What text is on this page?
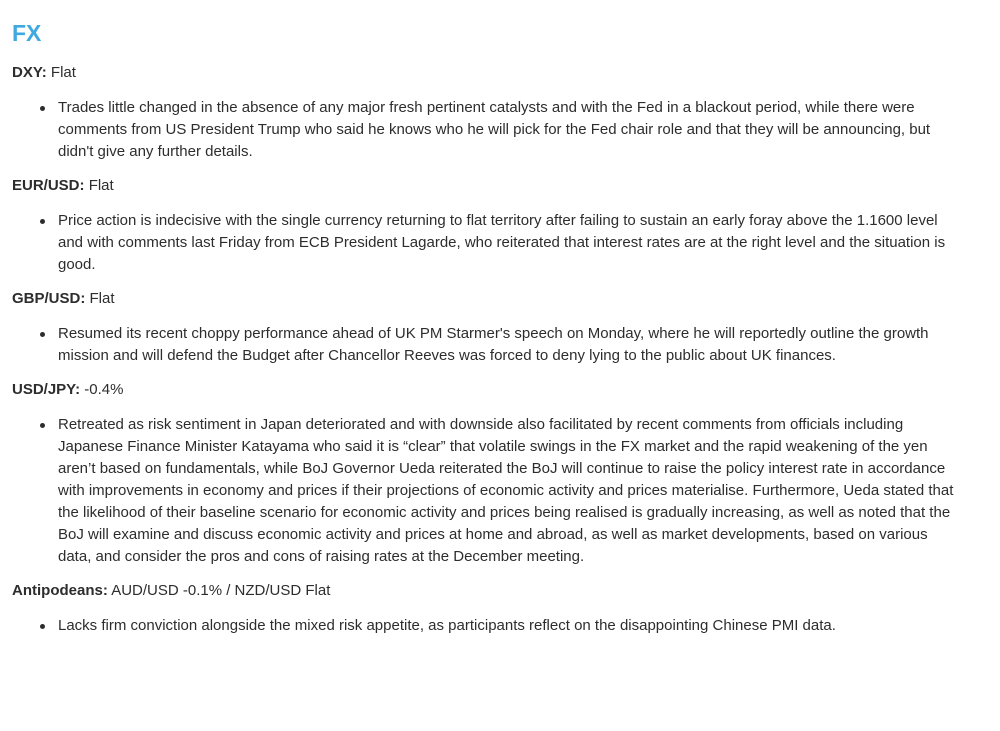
FX

DXY: Flat

Trades little changed in the absence of any major fresh pertinent catalysts and with the Fed in a blackout period, while there were comments from US President Trump who said he knows who he will pick for the Fed chair role and that they will be announcing, but didn't give any further details.

EUR/USD: Flat

Price action is indecisive with the single currency returning to flat territory after failing to sustain an early foray above the 1.1600 level and with comments last Friday from ECB President Lagarde, who reiterated that interest rates are at the right level and the situation is good.

GBP/USD: Flat

Resumed its recent choppy performance ahead of UK PM Starmer's speech on Monday, where he will reportedly outline the growth mission and will defend the Budget after Chancellor Reeves was forced to deny lying to the public about UK finances.

USD/JPY: -0.4%

Retreated as risk sentiment in Japan deteriorated and with downside also facilitated by recent comments from officials including Japanese Finance Minister Katayama who said it is “clear” that volatile swings in the FX market and the rapid weakening of the yen aren’t based on fundamentals, while BoJ Governor Ueda reiterated the BoJ will continue to raise the policy interest rate in accordance with improvements in economy and prices if their projections of economic activity and prices materialise. Furthermore, Ueda stated that the likelihood of their baseline scenario for economic activity and prices being realised is gradually increasing, as well as noted that the BoJ will examine and discuss economic activity and prices at home and abroad, as well as market developments, based on various data, and consider the pros and cons of raising rates at the December meeting.

Antipodeans: AUD/USD -0.1% / NZD/USD Flat

Lacks firm conviction alongside the mixed risk appetite, as participants reflect on the disappointing Chinese PMI data.
